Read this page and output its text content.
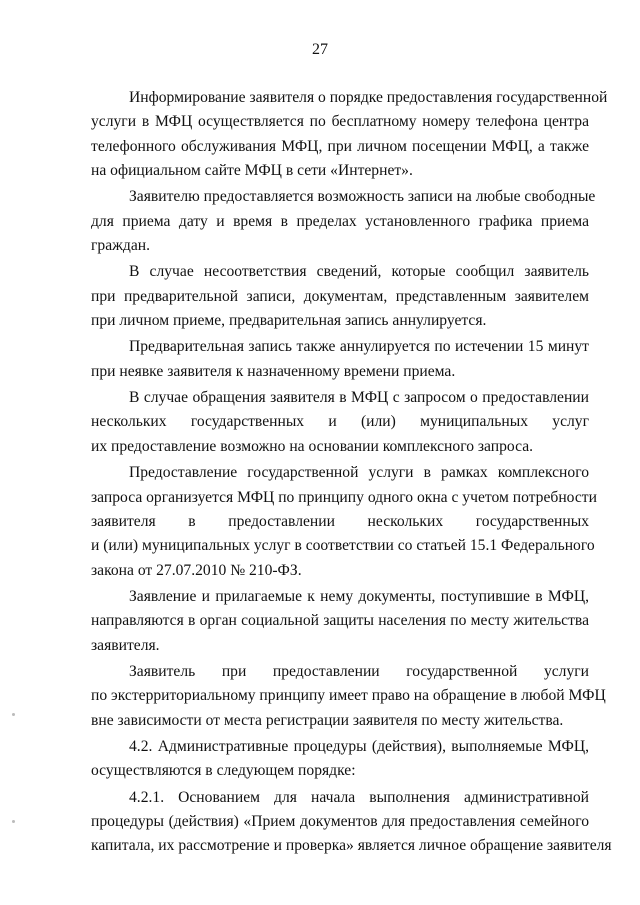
27
Информирование заявителя о порядке предоставления государственной
услуги в МФЦ осуществляется по бесплатному номеру телефона центра
телефонного обслуживания МФЦ, при личном посещении МФЦ, а также
на официальном сайте МФЦ в сети «Интернет».
Заявителю предоставляется возможность записи на любые свободные
для приема дату и время в пределах установленного графика приема
граждан.
В случае несоответствия сведений, которые сообщил заявитель
при предварительной записи, документам, представленным заявителем
при личном приеме, предварительная запись аннулируется.
Предварительная запись также аннулируется по истечении 15 минут
при неявке заявителя к назначенному времени приема.
В случае обращения заявителя в МФЦ с запросом о предоставлении
нескольких государственных и (или) муниципальных услуг
их предоставление возможно на основании комплексного запроса.
Предоставление государственной услуги в рамках комплексного
запроса организуется МФЦ по принципу одного окна с учетом потребности
заявителя в предоставлении нескольких государственных
и (или) муниципальных услуг в соответствии со статьей 15.1 Федерального
закона от 27.07.2010 № 210-ФЗ.
Заявление и прилагаемые к нему документы, поступившие в МФЦ,
направляются в орган социальной защиты населения по месту жительства
заявителя.
Заявитель при предоставлении государственной услуги
по экстерриториальному принципу имеет право на обращение в любой МФЦ
вне зависимости от места регистрации заявителя по месту жительства.
4.2. Административные процедуры (действия), выполняемые МФЦ,
осуществляются в следующем порядке:
4.2.1. Основанием для начала выполнения административной
процедуры (действия) «Прием документов для предоставления семейного
капитала, их рассмотрение и проверка» является личное обращение заявителя
